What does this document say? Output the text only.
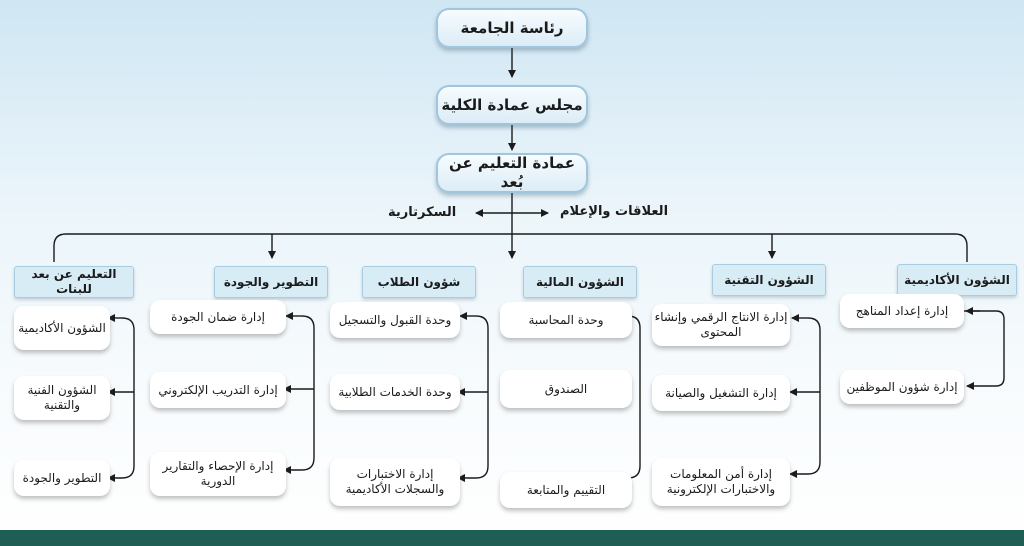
رئاسة الجامعة
مجلس عمادة الكلية
عمادة التعليم عن بُعد
العلاقات والإعلام
السكرتارية
الشؤون الأكاديمية
الشؤون التقنية
الشؤون المالية
شؤون الطلاب
التطوير والجودة
التعليم عن بعد للبنات
إدارة إعداد المناهج
إدارة شؤون الموظفين
إدارة الانتاج الرقمي وإنشاء المحتوى
إدارة التشغيل والصيانة
إدارة أمن المعلومات والاختبارات الإلكترونية
وحدة المحاسبة
الصندوق
التقييم والمتابعة
وحدة القبول والتسجيل
وحدة الخدمات الطلابية
إدارة الاختبارات والسجلات الأكاديمية
إدارة ضمان الجودة
إدارة التدريب الإلكتروني
إدارة الإحصاء والتقارير الدورية
الشؤون الأكاديمية
الشؤون الفنية والتقنية
التطوير والجودة
